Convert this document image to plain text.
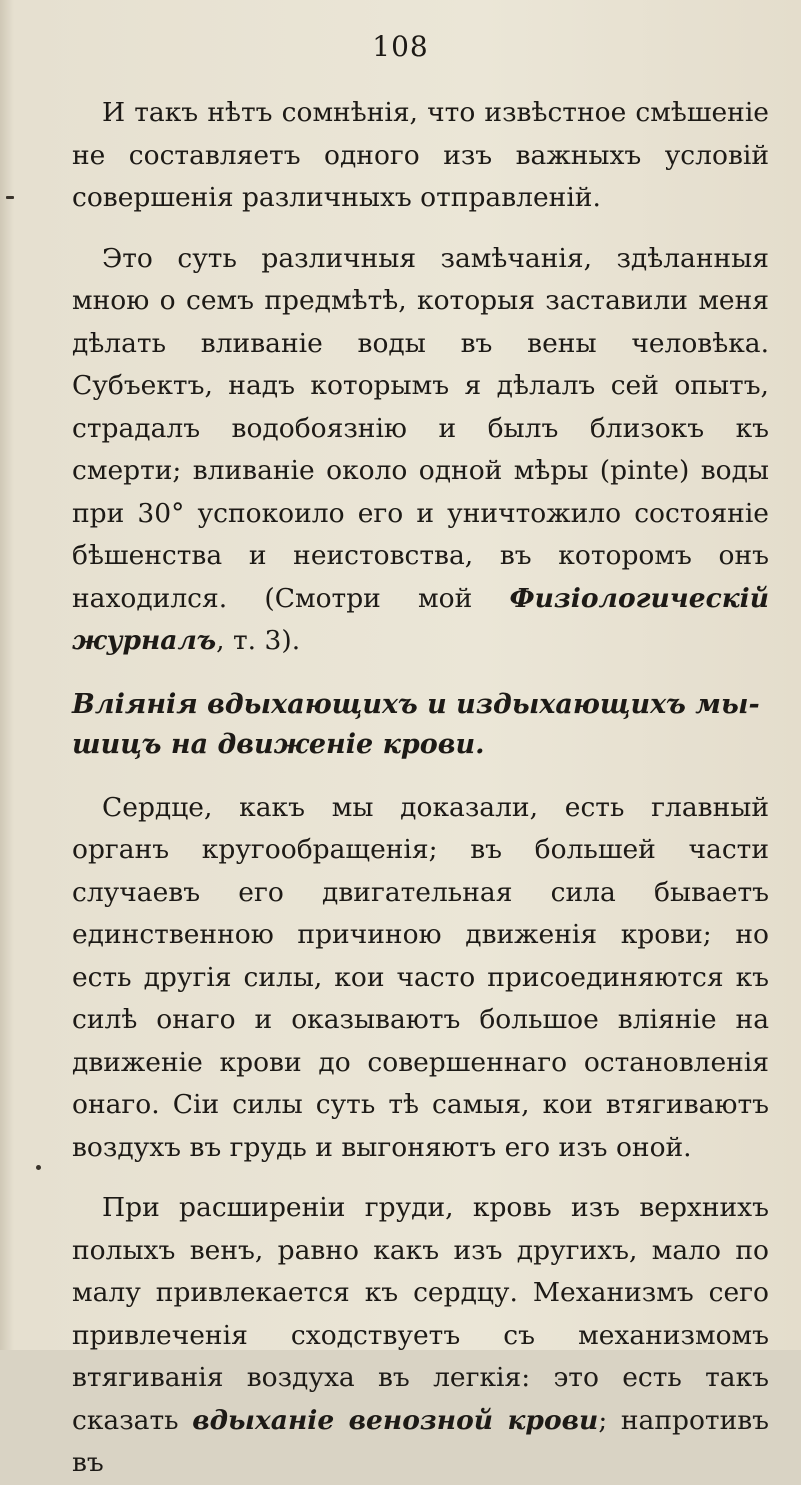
108

И такъ нѣтъ сомнѣнія, что извѣстное смѣшеніе не составляетъ одного изъ важныхъ условій совершенія различныхъ отправленій.

Это суть различныя замѣчанія, здѣланныя мною о семъ предмѣтѣ, которыя заставили меня дѣлать вливаніе воды въ вены человѣка. Субъектъ, надъ которымъ я дѣлалъ сей опытъ, страдалъ водобоязнію и былъ близокъ къ смерти; вливаніе около одной мѣры (pinte) воды при 30° успокоило его и уничтожило состояніе бѣшенства и неистовства, въ которомъ онъ находился. (Смотри мой Физіологическій журналъ, т. 3).

Вліянія вдыхающихъ и издыхающихъ мы-

шицъ на движеніе крови.

Сердце, какъ мы доказали, есть главный органъ кругообращенія; въ большей части случаевъ его двигательная сила бываетъ единственною причиною движенія крови; но есть другія силы, кои часто присоединяются къ силѣ онаго и оказываютъ большое вліяніе на движеніе крови до совершеннаго остановленія онаго. Сіи силы суть тѣ самыя, кои втягиваютъ воздухъ въ грудь и выгоняютъ его изъ оной.

При расширеніи груди, кровь изъ верхнихъ полыхъ венъ, равно какъ изъ другихъ, мало по малу привлекается къ сердцу. Механизмъ сего привлеченія сходствуетъ съ механизмомъ втягиванія воздуха въ легкія: это есть такъ сказать вдыханіе венозной крови; напротивъ въ
